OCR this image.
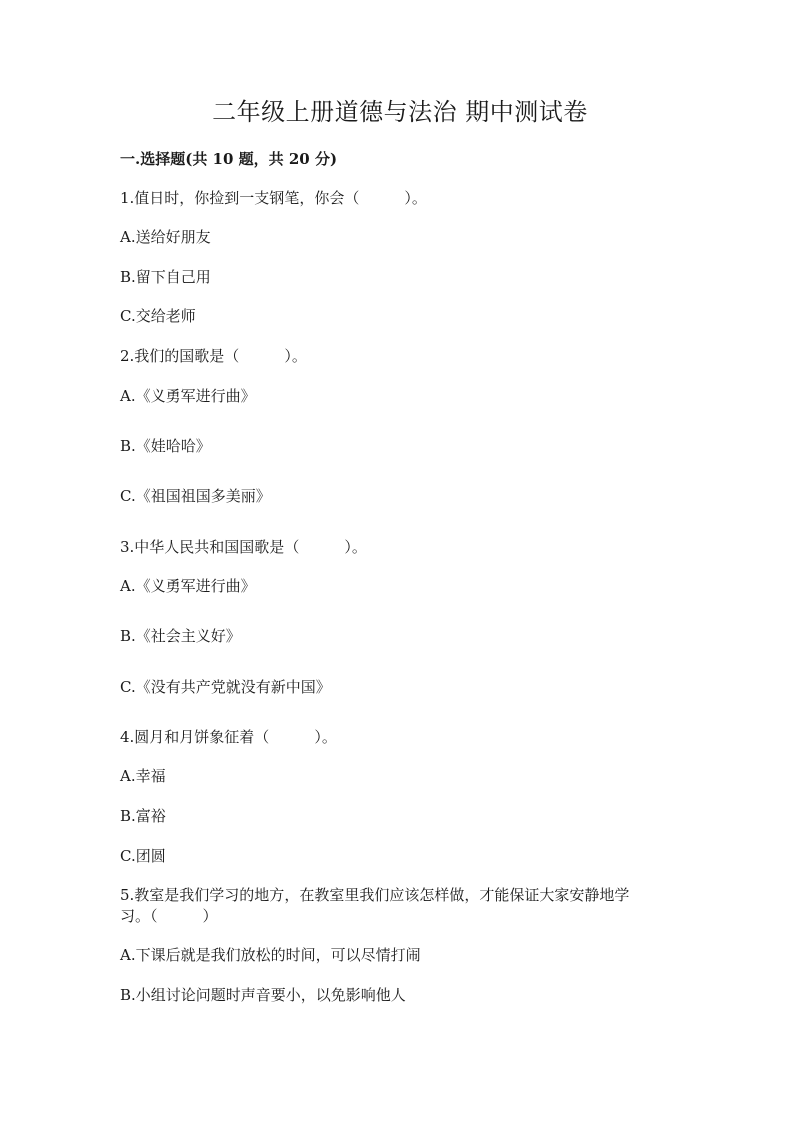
二年级上册道德与法治 期中测试卷
一.选择题(共 10 题，共 20 分)
1.值日时，你捡到一支钢笔，你会（　　　）。
A.送给好朋友
B.留下自己用
C.交给老师
2.我们的国歌是（　　　）。
A.《义勇军进行曲》
B.《娃哈哈》
C.《祖国祖国多美丽》
3.中华人民共和国国歌是（　　　）。
A.《义勇军进行曲》
B.《社会主义好》
C.《没有共产党就没有新中国》
4.圆月和月饼象征着（　　　）。
A.幸福
B.富裕
C.团圆
5.教室是我们学习的地方，在教室里我们应该怎样做，才能保证大家安静地学
习。（　　　）
A.下课后就是我们放松的时间，可以尽情打闹
B.小组讨论问题时声音要小，以免影响他人
